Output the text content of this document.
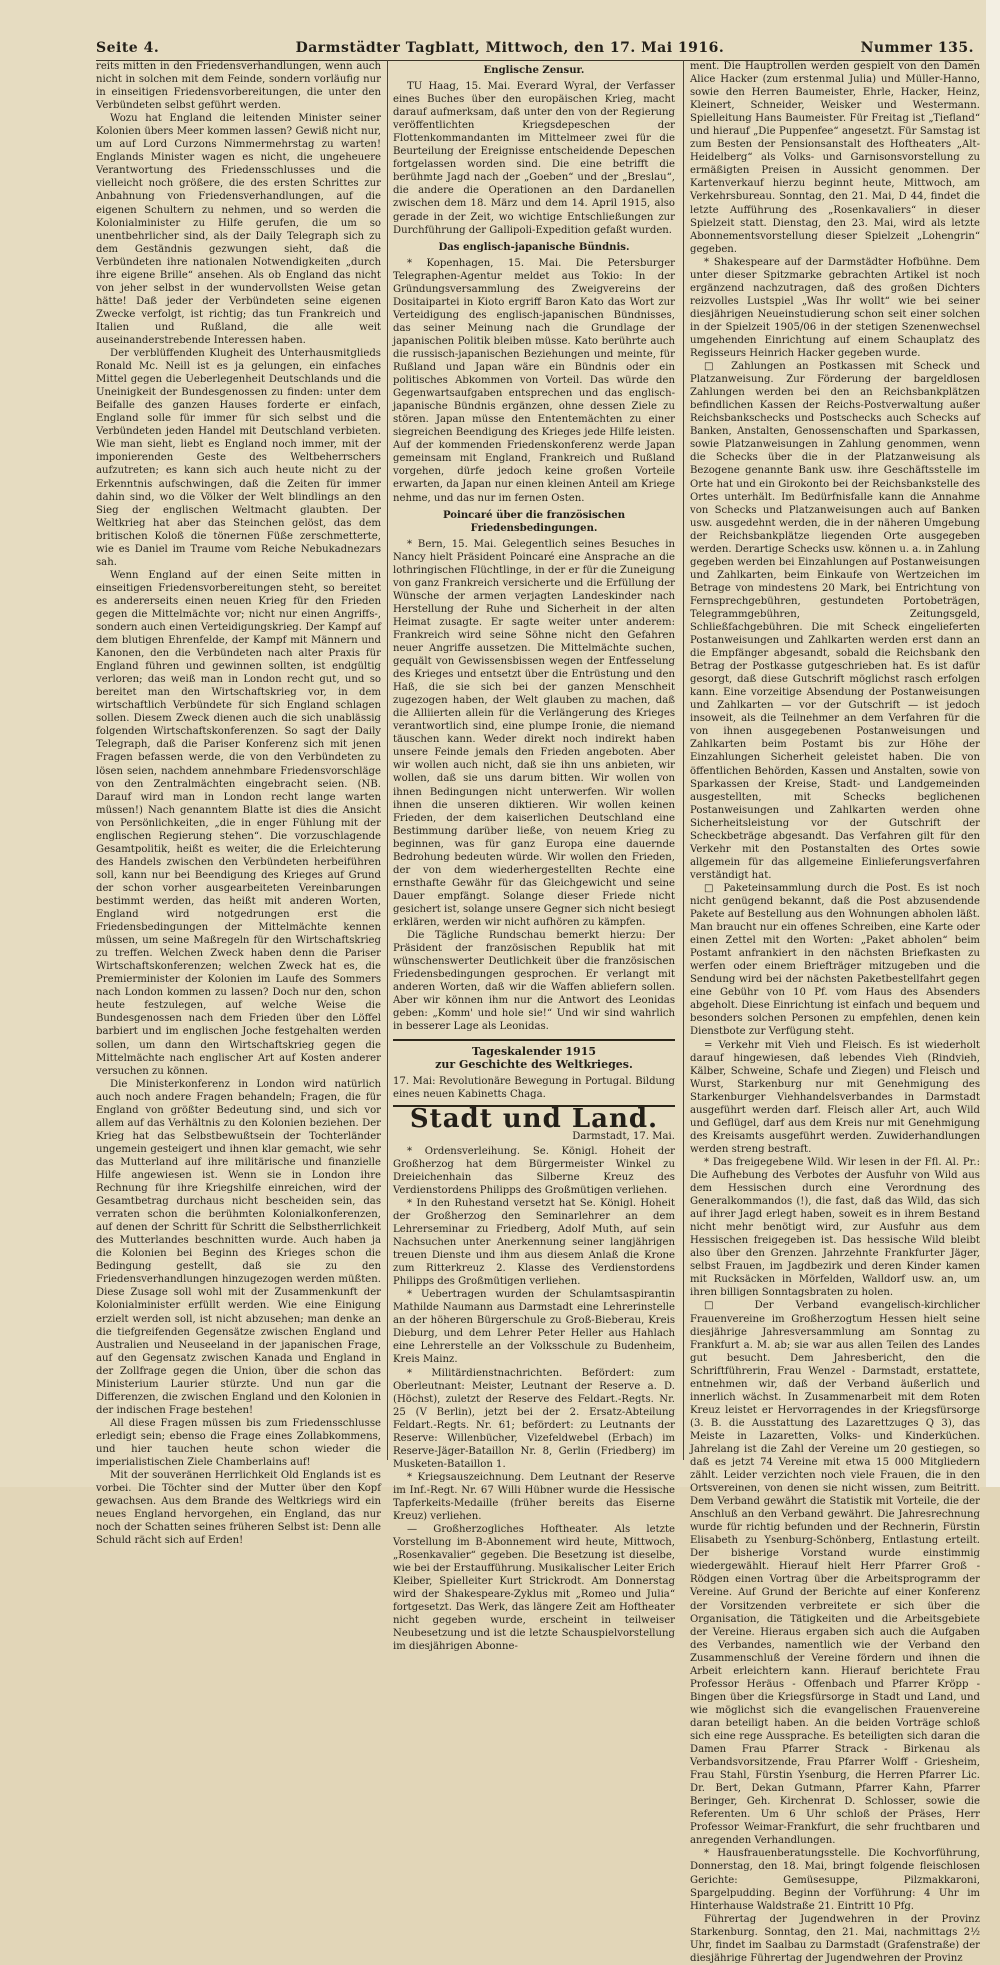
Seite 4.	Darmstädter Tagblatt, Mittwoch, den 17. Mai 1916.	Nummer 135.

reits mitten in den Friedensverhandlungen, wenn auch nicht in solchen mit dem Feinde, sondern vorläufig nur in einseitigen Friedensvorbereitungen, die unter den Verbündeten selbst geführt werden.

Wozu hat England die leitenden Minister seiner Kolonien übers Meer kommen lassen? Gewiß nicht nur, um auf Lord Curzons Nimmermehrstag zu warten! Englands Minister wagen es nicht, die ungeheuere Verantwortung des Friedensschlusses und die vielleicht noch größere, die des ersten Schrittes zur Anbahnung von Friedensverhandlungen, auf die eigenen Schultern zu nehmen, und so werden die Kolonialminister zu Hilfe gerufen, die um so unentbehrlicher sind, als der Daily Telegraph sich zu dem Geständnis gezwungen sieht, daß die Verbündeten ihre nationalen Notwendigkeiten „durch ihre eigene Brille“ ansehen. Als ob England das nicht von jeher selbst in der wundervollsten Weise getan hätte! Daß jeder der Verbündeten seine eigenen Zwecke verfolgt, ist richtig; das tun Frankreich und Italien und Rußland, die alle weit auseinanderstrebende Interessen haben.

Der verblüffenden Klugheit des Unterhausmitglieds Ronald Mc. Neill ist es ja gelungen, ein einfaches Mittel gegen die Ueberlegenheit Deutschlands und die Uneinigkeit der Bundesgenossen zu finden: unter dem Beifalle des ganzen Hauses forderte er einfach, England solle für immer für sich selbst und die Verbündeten jeden Handel mit Deutschland verbieten. Wie man sieht, liebt es England noch immer, mit der imponierenden Geste des Weltbeherrschers aufzutreten; es kann sich auch heute nicht zu der Erkenntnis aufschwingen, daß die Zeiten für immer dahin sind, wo die Völker der Welt blindlings an den Sieg der englischen Weltmacht glaubten. Der Weltkrieg hat aber das Steinchen gelöst, das dem britischen Koloß die tönernen Füße zerschmetterte, wie es Daniel im Traume vom Reiche Nebukadnezars sah.

Wenn England auf der einen Seite mitten in einseitigen Friedensvorbereitungen steht, so bereitet es andererseits einen neuen Krieg für den Frieden gegen die Mittelmächte vor; nicht nur einen Angriffs-, sondern auch einen Verteidigungskrieg. Der Kampf auf dem blutigen Ehrenfelde, der Kampf mit Männern und Kanonen, den die Verbündeten nach alter Praxis für England führen und gewinnen sollten, ist endgültig verloren; das weiß man in London recht gut, und so bereitet man den Wirtschaftskrieg vor, in dem wirtschaftlich Verbündete für sich England schlagen sollen. Diesem Zweck dienen auch die sich unablässig folgenden Wirtschaftskonferenzen. So sagt der Daily Telegraph, daß die Pariser Konferenz sich mit jenen Fragen befassen werde, die von den Verbündeten zu lösen seien, nachdem annehmbare Friedensvorschläge von den Zentralmächten eingebracht seien. (NB. Darauf wird man in London recht lange warten müssen!) Nach genanntem Blatte ist dies die Ansicht von Persönlichkeiten, „die in enger Fühlung mit der englischen Regierung stehen“. Die vorzuschlagende Gesamtpolitik, heißt es weiter, die die Erleichterung des Handels zwischen den Verbündeten herbeiführen soll, kann nur bei Beendigung des Krieges auf Grund der schon vorher ausgearbeiteten Vereinbarungen bestimmt werden, das heißt mit anderen Worten, England wird notgedrungen erst die Friedensbedingungen der Mittelmächte kennen müssen, um seine Maßregeln für den Wirtschaftskrieg zu treffen. Welchen Zweck haben denn die Pariser Wirtschaftskonferenzen; welchen Zweck hat es, die Premierminister der Kolonien im Laufe des Sommers nach London kommen zu lassen? Doch nur den, schon heute festzulegen, auf welche Weise die Bundesgenossen nach dem Frieden über den Löffel barbiert und im englischen Joche festgehalten werden sollen, um dann den Wirtschaftskrieg gegen die Mittelmächte nach englischer Art auf Kosten anderer versuchen zu können.

Die Ministerkonferenz in London wird natürlich auch noch andere Fragen behandeln; Fragen, die für England von größter Bedeutung sind, und sich vor allem auf das Verhältnis zu den Kolonien beziehen. Der Krieg hat das Selbstbewußtsein der Tochterländer ungemein gesteigert und ihnen klar gemacht, wie sehr das Mutterland auf ihre militärische und finanzielle Hilfe angewiesen ist. Wenn sie in London ihre Rechnung für ihre Kriegshilfe einreichen, wird der Gesamtbetrag durchaus nicht bescheiden sein, das verraten schon die berühmten Kolonialkonferenzen, auf denen der Schritt für Schritt die Selbstherrlichkeit des Mutterlandes beschnitten wurde. Auch haben ja die Kolonien bei Beginn des Krieges schon die Bedingung gestellt, daß sie zu den Friedensverhandlungen hinzugezogen werden müßten. Diese Zusage soll wohl mit der Zusammenkunft der Kolonialminister erfüllt werden. Wie eine Einigung erzielt werden soll, ist nicht abzusehen; man denke an die tiefgreifenden Gegensätze zwischen England und Australien und Neuseeland in der japanischen Frage, auf den Gegensatz zwischen Kanada und England in der Zollfrage gegen die Union, über die schon das Ministerium Laurier stürzte. Und nun gar die Differenzen, die zwischen England und den Kolonien in der indischen Frage bestehen!

All diese Fragen müssen bis zum Friedensschlusse erledigt sein; ebenso die Frage eines Zollabkommens, und hier tauchen heute schon wieder die imperialistischen Ziele Chamberlains auf!

Mit der souveränen Herrlichkeit Old Englands ist es vorbei. Die Töchter sind der Mutter über den Kopf gewachsen. Aus dem Brande des Weltkriegs wird ein neues England hervorgehen, ein England, das nur noch der Schatten seines früheren Selbst ist: Denn alle Schuld rächt sich auf Erden!

Englische Zensur.

TU Haag, 15. Mai. Everard Wyral, der Verfasser eines Buches über den europäischen Krieg, macht darauf aufmerksam, daß unter den von der Regierung veröffentlichten Kriegsdepeschen der Flottenkommandanten im Mittelmeer zwei für die Beurteilung der Ereignisse entscheidende Depeschen fortgelassen worden sind. Die eine betrifft die berühmte Jagd nach der „Goeben“ und der „Breslau“, die andere die Operationen an den Dardanellen zwischen dem 18. März und dem 14. April 1915, also gerade in der Zeit, wo wichtige Entschließungen zur Durchführung der Gallipoli-Expedition gefaßt wurden.

Das englisch-japanische Bündnis.

* Kopenhagen, 15. Mai. Die Petersburger Telegraphen-Agentur meldet aus Tokio: In der Gründungsversammlung des Zweigvereins der Dositaipartei in Kioto ergriff Baron Kato das Wort zur Verteidigung des englisch-japanischen Bündnisses, das seiner Meinung nach die Grundlage der japanischen Politik bleiben müsse. Kato berührte auch die russisch-japanischen Beziehungen und meinte, für Rußland und Japan wäre ein Bündnis oder ein politisches Abkommen von Vorteil. Das würde den Gegenwartsaufgaben entsprechen und das englisch-japanische Bündnis ergänzen, ohne dessen Ziele zu stören. Japan müsse den Ententemächten zu einer siegreichen Beendigung des Krieges jede Hilfe leisten. Auf der kommenden Friedenskonferenz werde Japan gemeinsam mit England, Frankreich und Rußland vorgehen, dürfe jedoch keine großen Vorteile erwarten, da Japan nur einen kleinen Anteil am Kriege nehme, und das nur im fernen Osten.

Poincaré über die französischen Friedensbedingungen.

* Bern, 15. Mai. Gelegentlich seines Besuches in Nancy hielt Präsident Poincaré eine Ansprache an die lothringischen Flüchtlinge, in der er für die Zuneigung von ganz Frankreich versicherte und die Erfüllung der Wünsche der armen verjagten Landeskinder nach Herstellung der Ruhe und Sicherheit in der alten Heimat zusagte. Er sagte weiter unter anderem: Frankreich wird seine Söhne nicht den Gefahren neuer Angriffe aussetzen. Die Mittelmächte suchen, gequält von Gewissensbissen wegen der Entfesselung des Krieges und entsetzt über die Entrüstung und den Haß, die sie sich bei der ganzen Menschheit zugezogen haben, der Welt glauben zu machen, daß die Alliierten allein für die Verlängerung des Krieges verantwortlich sind, eine plumpe Ironie, die niemand täuschen kann. Weder direkt noch indirekt haben unsere Feinde jemals den Frieden angeboten. Aber wir wollen auch nicht, daß sie ihn uns anbieten, wir wollen, daß sie uns darum bitten. Wir wollen von ihnen Bedingungen nicht unterwerfen. Wir wollen ihnen die unseren diktieren. Wir wollen keinen Frieden, der dem kaiserlichen Deutschland eine Bestimmung darüber ließe, von neuem Krieg zu beginnen, was für ganz Europa eine dauernde Bedrohung bedeuten würde. Wir wollen den Frieden, der von dem wiederhergestellten Rechte eine ernsthafte Gewähr für das Gleichgewicht und seine Dauer empfängt. Solange dieser Friede nicht gesichert ist, solange unsere Gegner sich nicht besiegt erklären, werden wir nicht aufhören zu kämpfen.

Die Tägliche Rundschau bemerkt hierzu: Der Präsident der französischen Republik hat mit wünschenswerter Deutlichkeit über die französischen Friedensbedingungen gesprochen. Er verlangt mit anderen Worten, daß wir die Waffen abliefern sollen. Aber wir können ihm nur die Antwort des Leonidas geben: „Komm' und hole sie!“ Und wir sind wahrlich in besserer Lage als Leonidas.

Tageskalender 1915
zur Geschichte des Weltkrieges.

17. Mai: Revolutionäre Bewegung in Portugal. Bildung eines neuen Kabinetts Chaga.

Stadt und Land.
Darmstadt, 17. Mai.

* Ordensverleihung. Se. Königl. Hoheit der Großherzog hat dem Bürgermeister Winkel zu Dreieichenhain das Silberne Kreuz des Verdienstordens Philipps des Großmütigen verliehen.

* In den Ruhestand versetzt hat Se. Königl. Hoheit der Großherzog den Seminarlehrer an dem Lehrerseminar zu Friedberg, Adolf Muth, auf sein Nachsuchen unter Anerkennung seiner langjährigen treuen Dienste und ihm aus diesem Anlaß die Krone zum Ritterkreuz 2. Klasse des Verdienstordens Philipps des Großmütigen verliehen.

* Uebertragen wurden der Schulamtsaspirantin Mathilde Naumann aus Darmstadt eine Lehrerinstelle an der höheren Bürgerschule zu Groß-Bieberau, Kreis Dieburg, und dem Lehrer Peter Heller aus Hahlach eine Lehrerstelle an der Volksschule zu Budenheim, Kreis Mainz.

* Militärdienstnachrichten. Befördert: zum Oberleutnant: Meister, Leutnant der Reserve a. D. (Höchst), zuletzt der Reserve des Feldart.-Regts. Nr. 25 (V Berlin), jetzt bei der 2. Ersatz-Abteilung Feldart.-Regts. Nr. 61; befördert: zu Leutnants der Reserve: Willenbücher, Vizefeldwebel (Erbach) im Reserve-Jäger-Bataillon Nr. 8, Gerlin (Friedberg) im Musketen-Bataillon 1.

* Kriegsauszeichnung. Dem Leutnant der Reserve im Inf.-Regt. Nr. 67 Willi Hübner wurde die Hessische Tapferkeits-Medaille (früher bereits das Eiserne Kreuz) verliehen.

— Großherzogliches Hoftheater. Als letzte Vorstellung im B-Abonnement wird heute, Mittwoch, „Rosenkavalier“ gegeben. Die Besetzung ist dieselbe, wie bei der Erstaufführung. Musikalischer Leiter Erich Kleiber, Spielleiter Kurt Strickrodt. Am Donnerstag wird der Shakespeare-Zyklus mit „Romeo und Julia“ fortgesetzt. Das Werk, das längere Zeit am Hoftheater nicht gegeben wurde, erscheint in teilweiser Neubesetzung und ist die letzte Schauspielvorstellung im diesjährigen Abonne-

ment. Die Hauptrollen werden gespielt von den Damen Alice Hacker (zum erstenmal Julia) und Müller-Hanno, sowie den Herren Baumeister, Ehrle, Hacker, Heinz, Kleinert, Schneider, Weisker und Westermann. Spielleitung Hans Baumeister. Für Freitag ist „Tiefland“ und hierauf „Die Puppenfee“ angesetzt. Für Samstag ist zum Besten der Pensionsanstalt des Hoftheaters „Alt-Heidelberg“ als Volks- und Garnisonsvorstellung zu ermäßigten Preisen in Aussicht genommen. Der Kartenverkauf hierzu beginnt heute, Mittwoch, am Verkehrsbureau. Sonntag, den 21. Mai, D 44, findet die letzte Aufführung des „Rosenkavaliers“ in dieser Spielzeit statt. Dienstag, den 23. Mai, wird als letzte Abonnementsvorstellung dieser Spielzeit „Lohengrin“ gegeben.

* Shakespeare auf der Darmstädter Hofbühne. Dem unter dieser Spitzmarke gebrachten Artikel ist noch ergänzend nachzutragen, daß des großen Dichters reizvolles Lustspiel „Was Ihr wollt“ wie bei seiner diesjährigen Neueinstudierung schon seit einer solchen in der Spielzeit 1905/06 in der stetigen Szenenwechsel umgehenden Einrichtung auf einem Schauplatz des Regisseurs Heinrich Hacker gegeben wurde.

□ Zahlungen an Postkassen mit Scheck und Platzanweisung. Zur Förderung der bargeldlosen Zahlungen werden bei den an Reichsbankplätzen befindlichen Kassen der Reichs-Postverwaltung außer Reichsbankschecks und Postschecks auch Schecks auf Banken, Anstalten, Genossenschaften und Sparkassen, sowie Platzanweisungen in Zahlung genommen, wenn die Schecks über die in der Platzanweisung als Bezogene genannte Bank usw. ihre Geschäftsstelle im Orte hat und ein Girokonto bei der Reichsbankstelle des Ortes unterhält. Im Bedürfnisfalle kann die Annahme von Schecks und Platzanweisungen auch auf Banken usw. ausgedehnt werden, die in der näheren Umgebung der Reichsbankplätze liegenden Orte ausgegeben werden. Derartige Schecks usw. können u. a. in Zahlung gegeben werden bei Einzahlungen auf Postanweisungen und Zahlkarten, beim Einkaufe von Wertzeichen im Betrage von mindestens 20 Mark, bei Entrichtung von Fernsprechgebühren, gestundeten Portobeträgen, Telegrammgebühren, Zeitungsgeld, Schließfachgebühren. Die mit Scheck eingelieferten Postanweisungen und Zahlkarten werden erst dann an die Empfänger abgesandt, sobald die Reichsbank den Betrag der Postkasse gutgeschrieben hat. Es ist dafür gesorgt, daß diese Gutschrift möglichst rasch erfolgen kann. Eine vorzeitige Absendung der Postanweisungen und Zahlkarten — vor der Gutschrift — ist jedoch insoweit, als die Teilnehmer an dem Verfahren für die von ihnen ausgegebenen Postanweisungen und Zahlkarten beim Postamt bis zur Höhe der Einzahlungen Sicherheit geleistet haben. Die von öffentlichen Behörden, Kassen und Anstalten, sowie von Sparkassen der Kreise, Stadt- und Landgemeinden ausgestellten, mit Schecks beglichenen Postanweisungen und Zahlkarten werden ohne Sicherheitsleistung vor der Gutschrift der Scheckbeträge abgesandt. Das Verfahren gilt für den Verkehr mit den Postanstalten des Ortes sowie allgemein für das allgemeine Einlieferungsverfahren verständigt hat.

□ Paketeinsammlung durch die Post. Es ist noch nicht genügend bekannt, daß die Post abzusendende Pakete auf Bestellung aus den Wohnungen abholen läßt. Man braucht nur ein offenes Schreiben, eine Karte oder einen Zettel mit den Worten: „Paket abholen“ beim Postamt anfrankiert in den nächsten Briefkasten zu werfen oder einem Briefträger mitzugeben und die Sendung wird bei der nächsten Paketbestellfahrt gegen eine Gebühr von 10 Pf. vom Haus des Absenders abgeholt. Diese Einrichtung ist einfach und bequem und besonders solchen Personen zu empfehlen, denen kein Dienstbote zur Verfügung steht.

= Verkehr mit Vieh und Fleisch. Es ist wiederholt darauf hingewiesen, daß lebendes Vieh (Rindvieh, Kälber, Schweine, Schafe und Ziegen) und Fleisch und Wurst, Starkenburg nur mit Genehmigung des Starkenburger Viehhandelsverbandes in Darmstadt ausgeführt werden darf. Fleisch aller Art, auch Wild und Geflügel, darf aus dem Kreis nur mit Genehmigung des Kreisamts ausgeführt werden. Zuwiderhandlungen werden streng bestraft.

* Das freigegebene Wild. Wir lesen in der Ffl. Al. Pr.: Die Aufhebung des Verbotes der Ausfuhr von Wild aus dem Hessischen durch eine Verordnung des Generalkommandos (!), die fast, daß das Wild, das sich auf ihrer Jagd erlegt haben, soweit es in ihrem Bestand nicht mehr benötigt wird, zur Ausfuhr aus dem Hessischen freigegeben ist. Das hessische Wild bleibt also über den Grenzen. Jahrzehnte Frankfurter Jäger, selbst Frauen, im Jagdbezirk und deren Kinder kamen mit Rucksäcken in Mörfelden, Walldorf usw. an, um ihren billigen Sonntagsbraten zu holen.

□ Der Verband evangelisch-kirchlicher Frauenvereine im Großherzogtum Hessen hielt seine diesjährige Jahresversammlung am Sonntag zu Frankfurt a. M. ab; sie war aus allen Teilen des Landes gut besucht. Dem Jahresbericht, den die Schriftführerin, Frau Wenzel - Darmstadt, erstattete, entnehmen wir, daß der Verband äußerlich und innerlich wächst. In Zusammenarbeit mit dem Roten Kreuz leistet er Hervorragendes in der Kriegsfürsorge (3. B. die Ausstattung des Lazarettzuges Q 3), das Meiste in Lazaretten, Volks- und Kinderküchen. Jahrelang ist die Zahl der Vereine um 20 gestiegen, so daß es jetzt 74 Vereine mit etwa 15 000 Mitgliedern zählt. Leider verzichten noch viele Frauen, die in den Ortsvereinen, von denen sie nicht wissen, zum Beitritt. Dem Verband gewährt die Statistik mit Vorteile, die der Anschluß an den Verband gewährt. Die Jahresrechnung wurde für richtig befunden und der Rechnerin, Fürstin Elisabeth zu Ysenburg-Schönberg, Entlastung erteilt. Der bisherige Vorstand wurde einstimmig wiedergewählt. Hierauf hielt Herr Pfarrer Groß - Rödgen einen Vortrag über die Arbeitsprogramm der Vereine. Auf Grund der Berichte auf einer Konferenz der Vorsitzenden verbreitete er sich über die Organisation, die Tätigkeiten und die Arbeitsgebiete der Vereine. Hieraus ergaben sich auch die Aufgaben des Verbandes, namentlich wie der Verband den Zusammenschluß der Vereine fördern und ihnen die Arbeit erleichtern kann. Hierauf berichtete Frau Professor Heräus - Offenbach und Pfarrer Kröpp - Bingen über die Kriegsfürsorge in Stadt und Land, und wie möglichst sich die evangelischen Frauenvereine daran beteiligt haben. An die beiden Vorträge schloß sich eine rege Aussprache. Es beteiligten sich daran die Damen Frau Pfarrer Strack - Birkenau als Verbandsvorsitzende, Frau Pfarrer Wolff - Griesheim, Frau Stahl, Fürstin Ysenburg, die Herren Pfarrer Lic. Dr. Bert, Dekan Gutmann, Pfarrer Kahn, Pfarrer Beringer, Geh. Kirchenrat D. Schlosser, sowie die Referenten. Um 6 Uhr schloß der Präses, Herr Professor Weimar-Frankfurt, die sehr fruchtbaren und anregenden Verhandlungen.

* Hausfrauenberatungsstelle. Die Kochvorführung, Donnerstag, den 18. Mai, bringt folgende fleischlosen Gerichte: Gemüsesuppe, Pilzmakkaroni, Spargelpudding. Beginn der Vorführung: 4 Uhr im Hinterhause Waldstraße 21. Eintritt 10 Pfg.

Führertag der Jugendwehren in der Provinz Starkenburg. Sonntag, den 21. Mai, nachmittags 2½ Uhr, findet im Saalbau zu Darmstadt (Grafenstraße) der diesjährige Führertag der Jugendwehren der Provinz
